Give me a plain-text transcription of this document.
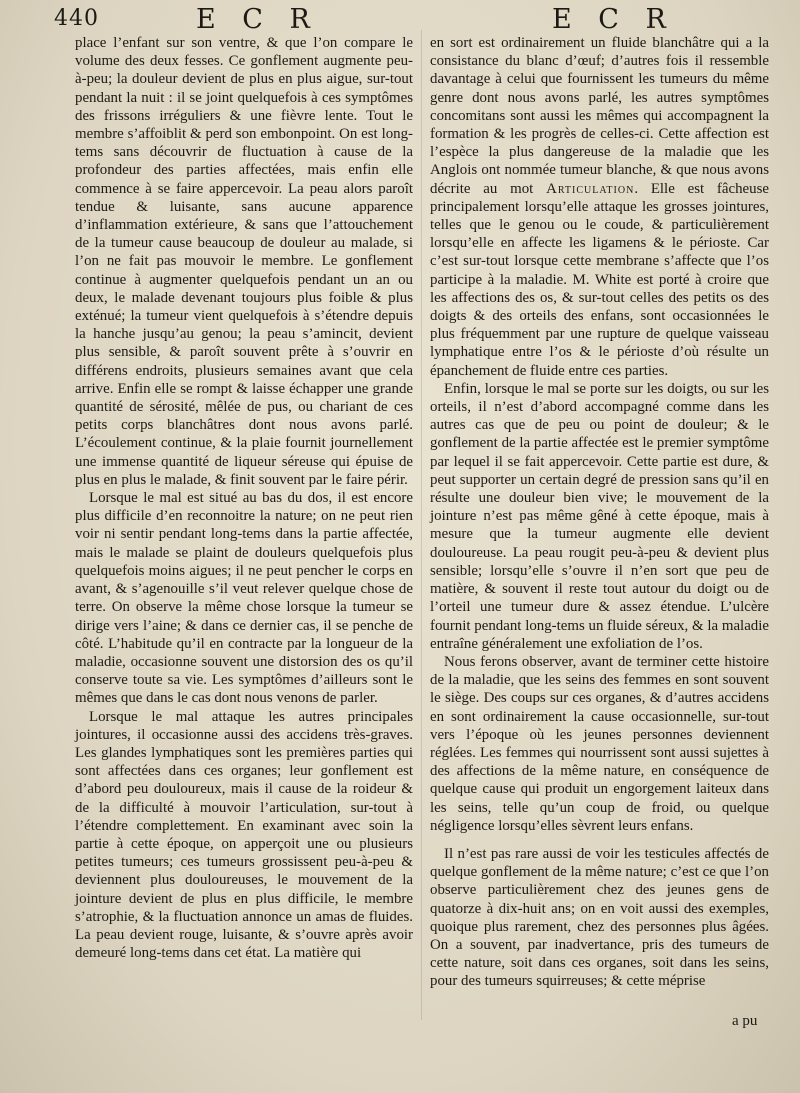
440	E C R	E C R

place l’enfant sur son ventre, & que l’on compare le volume des deux fesses. Ce gonflement augmente peu-à-peu; la douleur devient de plus en plus aigue, sur-tout pendant la nuit : il se joint quelquefois à ces symptômes des frissons irréguliers & une fièvre lente. Tout le membre s’affoiblit & perd son embonpoint. On est long-tems sans découvrir de fluctuation à cause de la profondeur des parties affectées, mais enfin elle commence à se faire appercevoir. La peau alors paroît tendue & luisante, sans aucune apparence d’inflammation extérieure, & sans que l’attouchement de la tumeur cause beaucoup de douleur au malade, si l’on ne fait pas mouvoir le membre. Le gonflement continue à augmenter quelquefois pendant un an ou deux, le malade devenant toujours plus foible & plus exténué; la tumeur vient quelquefois à s’étendre depuis la hanche jusqu’au genou; la peau s’amincit, devient plus sensible, & paroît souvent prête à s’ouvrir en différens endroits, plusieurs semaines avant que cela arrive. Enfin elle se rompt & laisse échapper une grande quantité de sérosité, mêlée de pus, ou chariant de ces petits corps blanchâtres dont nous avons parlé. L’écoulement continue, & la plaie fournit journellement une immense quantité de liqueur séreuse qui épuise de plus en plus le malade, & finit souvent par le faire périr.

Lorsque le mal est situé au bas du dos, il est encore plus difficile d’en reconnoitre la nature; on ne peut rien voir ni sentir pendant long-tems dans la partie affectée, mais le malade se plaint de douleurs quelquefois plus quelquefois moins aigues; il ne peut pencher le corps en avant, & s’agenouille s’il veut relever quelque chose de terre. On observe la même chose lorsque la tumeur se dirige vers l’aine; & dans ce dernier cas, il se penche de côté. L’habitude qu’il en contracte par la longueur de la maladie, occasionne souvent une distorsion des os qu’il conserve toute sa vie. Les symptômes d’ailleurs sont le mêmes que dans le cas dont nous venons de parler.

Lorsque le mal attaque les autres principales jointures, il occasionne aussi des accidens très-graves. Les glandes lymphatiques sont les premières parties qui sont affectées dans ces organes; leur gonflement est d’abord peu douloureux, mais il cause de la roideur & de la difficulté à mouvoir l’articulation, sur-tout à l’étendre complettement. En examinant avec soin la partie à cette époque, on apperçoit une ou plusieurs petites tumeurs; ces tumeurs grossissent peu-à-peu & deviennent plus douloureuses, le mouvement de la jointure devient de plus en plus difficile, le membre s’atrophie, & la fluctuation annonce un amas de fluides. La peau devient rouge, luisante, & s’ouvre après avoir demeuré long-tems dans cet état. La matière qui

en sort est ordinairement un fluide blanchâtre qui a la consistance du blanc d’œuf; d’autres fois il ressemble davantage à celui que fournissent les tumeurs du même genre dont nous avons parlé, les autres symptômes concomitans sont aussi les mêmes qui accompagnent la formation & les progrès de celles-ci. Cette affection est l’espèce la plus dangereuse de la maladie que les Anglois ont nommée tumeur blanche, & que nous avons décrite au mot Articulation. Elle est fâcheuse principalement lorsqu’elle attaque les grosses jointures, telles que le genou ou le coude, & particulièrement lorsqu’elle en affecte les ligamens & le périoste. Car c’est sur-tout lorsque cette membrane s’affecte que l’os participe à la maladie. M. White est porté à croire que les affections des os, & sur-tout celles des petits os des doigts & des orteils des enfans, sont occasionnées le plus fréquemment par une rupture de quelque vaisseau lymphatique entre l’os & le périoste d’où résulte un épanchement de fluide entre ces parties.

Enfin, lorsque le mal se porte sur les doigts, ou sur les orteils, il n’est d’abord accompagné comme dans les autres cas que de peu ou point de douleur; & le gonflement de la partie affectée est le premier symptôme par lequel il se fait appercevoir. Cette partie est dure, & peut supporter un certain degré de pression sans qu’il en résulte une douleur bien vive; le mouvement de la jointure n’est pas même gêné à cette époque, mais à mesure que la tumeur augmente elle devient douloureuse. La peau rougit peu-à-peu & devient plus sensible; lorsqu’elle s’ouvre il n’en sort que peu de matière, & souvent il reste tout autour du doigt ou de l’orteil une tumeur dure & assez étendue. L’ulcère fournit pendant long-tems un fluide séreux, & la maladie entraîne généralement une exfoliation de l’os.

Nous ferons observer, avant de terminer cette histoire de la maladie, que les seins des femmes en sont souvent le siège. Des coups sur ces organes, & d’autres accidens en sont ordinairement la cause occasionnelle, sur-tout vers l’époque où les jeunes personnes deviennent réglées. Les femmes qui nourrissent sont aussi sujettes à des affections de la même nature, en conséquence de quelque cause qui produit un engorgement laiteux dans les seins, telle qu’un coup de froid, ou quelque négligence lorsqu’elles sèvrent leurs enfans.

Il n’est pas rare aussi de voir les testicules affectés de quelque gonflement de la même nature; c’est ce que l’on observe particulièrement chez des jeunes gens de quatorze à dix-huit ans; on en voit aussi des exemples, quoique plus rarement, chez des personnes plus âgées. On a souvent, par inadvertance, pris des tumeurs de cette nature, soit dans ces organes, soit dans les seins, pour des tumeurs squirreuses; & cette méprise

a pu
